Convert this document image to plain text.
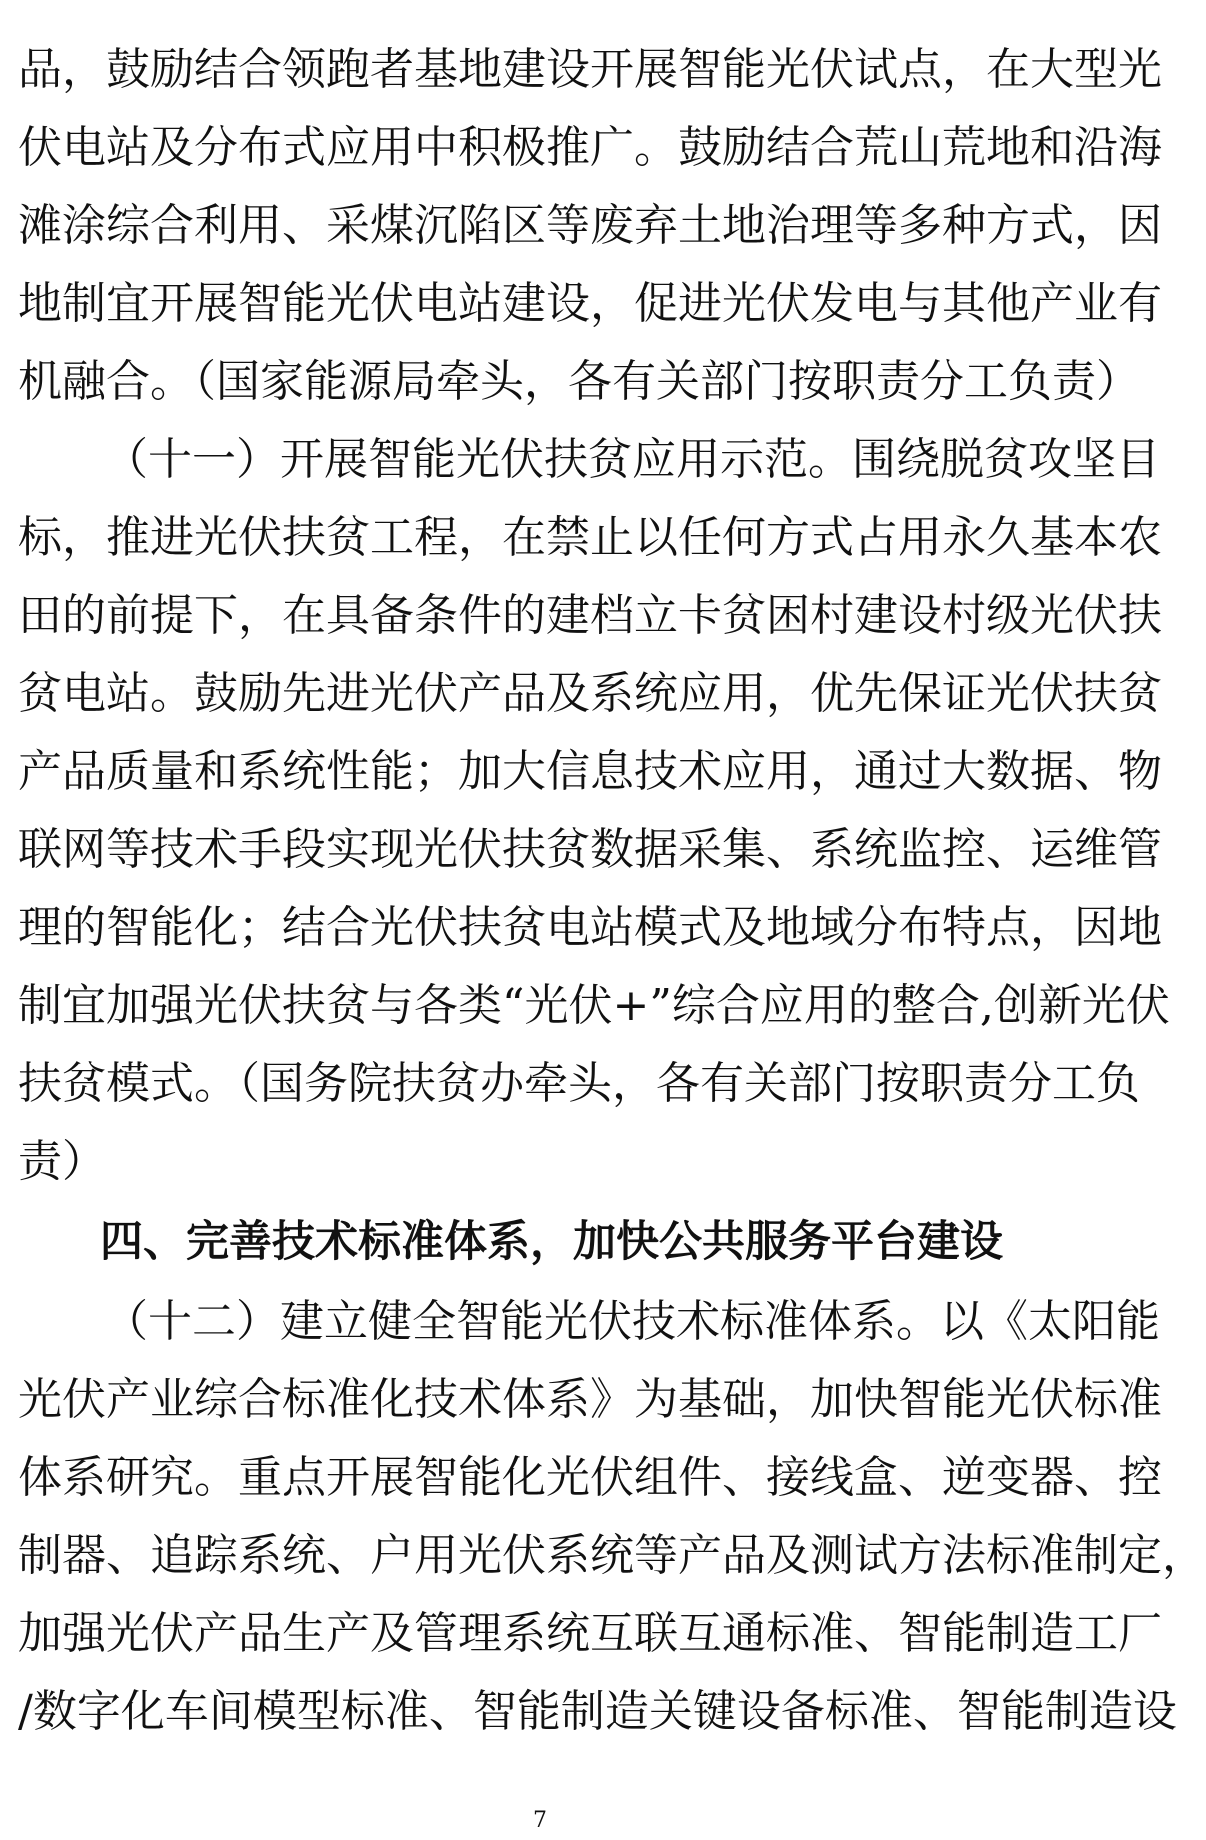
品，鼓励结合领跑者基地建设开展智能光伏试点，在大型光
伏电站及分布式应用中积极推广。鼓励结合荒山荒地和沿海
滩涂综合利用、采煤沉陷区等废弃土地治理等多种方式，因
地制宜开展智能光伏电站建设，促进光伏发电与其他产业有
机融合。（国家能源局牵头，各有关部门按职责分工负责）
（十一）开展智能光伏扶贫应用示范。围绕脱贫攻坚目
标，推进光伏扶贫工程，在禁止以任何方式占用永久基本农
田的前提下，在具备条件的建档立卡贫困村建设村级光伏扶
贫电站。鼓励先进光伏产品及系统应用，优先保证光伏扶贫
产品质量和系统性能；加大信息技术应用，通过大数据、物
联网等技术手段实现光伏扶贫数据采集、系统监控、运维管
理的智能化；结合光伏扶贫电站模式及地域分布特点，因地
制宜加强光伏扶贫与各类“光伏+”综合应用的整合,创新光伏
扶贫模式。（国务院扶贫办牵头，各有关部门按职责分工负
责）
四、完善技术标准体系，加快公共服务平台建设
（十二）建立健全智能光伏技术标准体系。以《太阳能
光伏产业综合标准化技术体系》为基础，加快智能光伏标准
体系研究。重点开展智能化光伏组件、接线盒、逆变器、控
制器、追踪系统、户用光伏系统等产品及测试方法标准制定，
加强光伏产品生产及管理系统互联互通标准、智能制造工厂
/数字化车间模型标准、智能制造关键设备标准、智能制造设
7
